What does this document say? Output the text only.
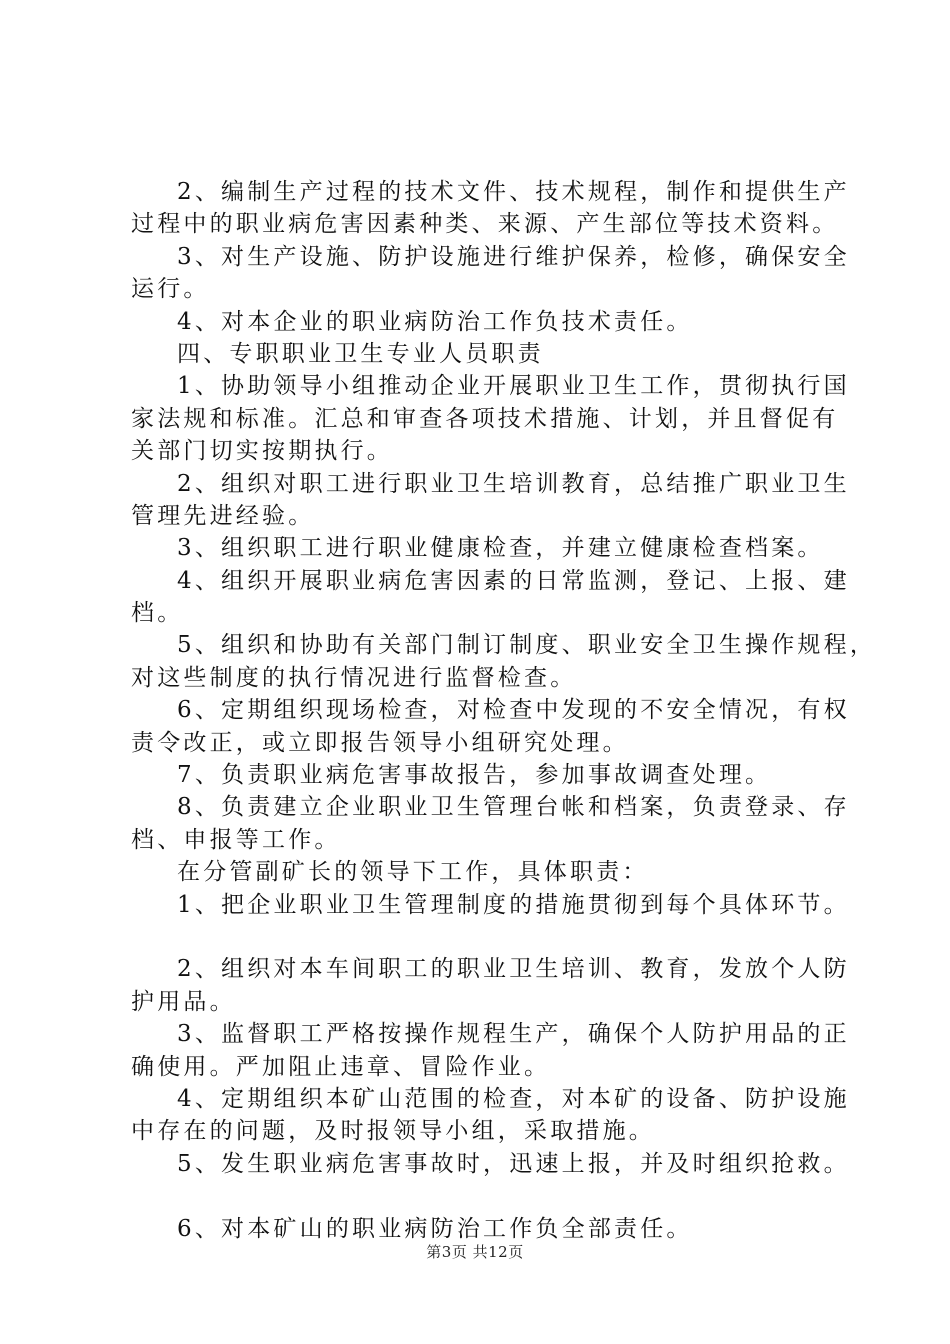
2、编制生产过程的技术文件、技术规程，制作和提供生产
过程中的职业病危害因素种类、来源、产生部位等技术资料。
3、对生产设施、防护设施进行维护保养，检修，确保安全
运行。
4、对本企业的职业病防治工作负技术责任。
四、专职职业卫生专业人员职责
1、协助领导小组推动企业开展职业卫生工作，贯彻执行国
家法规和标准。汇总和审查各项技术措施、计划，并且督促有
关部门切实按期执行。
2、组织对职工进行职业卫生培训教育，总结推广职业卫生
管理先进经验。
3、组织职工进行职业健康检查，并建立健康检查档案。
4、组织开展职业病危害因素的日常监测，登记、上报、建
档。
5、组织和协助有关部门制订制度、职业安全卫生操作规程，
对这些制度的执行情况进行监督检查。
6、定期组织现场检查，对检查中发现的不安全情况，有权
责令改正，或立即报告领导小组研究处理。
7、负责职业病危害事故报告，参加事故调查处理。
8、负责建立企业职业卫生管理台帐和档案，负责登录、存
档、申报等工作。
在分管副矿长的领导下工作，具体职责：
1、把企业职业卫生管理制度的措施贯彻到每个具体环节。
2、组织对本车间职工的职业卫生培训、教育，发放个人防
护用品。
3、监督职工严格按操作规程生产，确保个人防护用品的正
确使用。严加阻止违章、冒险作业。
4、定期组织本矿山范围的检查，对本矿的设备、防护设施
中存在的问题，及时报领导小组，采取措施。
5、发生职业病危害事故时，迅速上报，并及时组织抢救。
6、对本矿山的职业病防治工作负全部责任。
第3页 共12页
